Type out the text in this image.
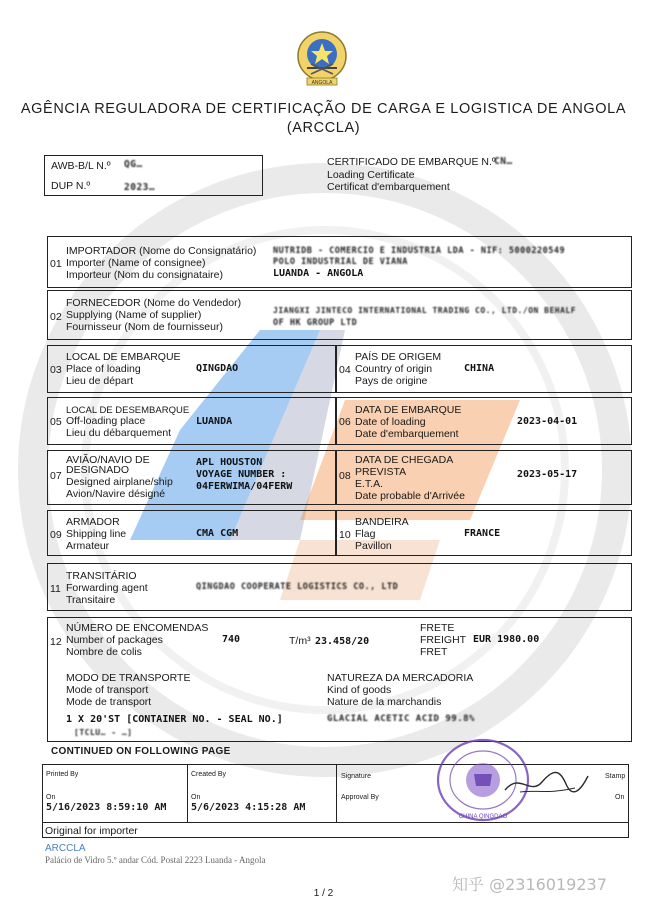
ANGOLA
AGÊNCIA REGULADORA DE CERTIFICAÇÃO DE CARGA E LOGISTICA DE ANGOLA
(ARCCLA)
AWB-B/L N.º QG…
DUP N.º	2023…
CERTIFICADO DE EMBARQUE N.º
CN…
Loading Certificate
Certificat d'embarquement
01
IMPORTADOR (Nome do Consignatário)
Importer (Name of consignee)
Importeur (Nom du consignataire)
NUTRIDB - COMERCIO E INDUSTRIA LDA - NIF: 5000220549
POLO INDUSTRIAL DE VIANA
LUANDA - ANGOLA
02
FORNECEDOR (Nome do Vendedor)
Supplying (Name of supplier)
Fournisseur (Nom de fournisseur)
JIANGXI JINTECO INTERNATIONAL TRADING CO., LTD./ON BEHALF
OF HK GROUP LTD
03
LOCAL DE EMBARQUE
Place of loading
Lieu de départ
QINGDAO	04
PAÍS DE ORIGEM
Country of origin
Pays de origine
CHINA
05
LOCAL DE DESEMBARQUE
Off-loading place
Lieu du débarquement
LUANDA	06
DATA DE EMBARQUE
Date of loading
Date d'embarquement
2023-04-01
07
AVIÃO/NAVIO DE
DESIGNADO
Designed airplane/ship
Avion/Navire désigné
APL HOUSTON
VOYAGE NUMBER :
04FERWIMA/04FERW
08
DATA DE CHEGADA
PREVISTA
E.T.A.
Date probable d'Arrivée
2023-05-17
09
ARMADOR
Shipping line
Armateur
CMA CGM	10
BANDEIRA
Flag
Pavillon
FRANCE
11
TRANSITÁRIO
Forwarding agent
Transitaire
QINGDAO COOPERATE LOGISTICS CO., LTD
12
NÚMERO DE ENCOMENDAS
Number of packages
Nombre de colis
740	T/m³ 23.458/20
FRETE
FREIGHT
FRET
EUR 1980.00
MODO DE TRANSPORTE
Mode of transport
Mode de transport
1 X 20'ST [CONTAINER NO. - SEAL NO.]
[TCLU… - …]
NATUREZA DA MERCADORIA
Kind of goods
Nature de la marchandis
GLACIAL ACETIC ACID 99.8%
CONTINUED ON FOLLOWING PAGE
Printed By
On
5/16/2023 8:59:10 AM
Created By
On
5/6/2023 4:15:28 AM
Signature	Stamp
Approval By	On
Original for importer
CHINA QINGDAO
ARCCLA
Palácio de Vidro 5.º andar Cód. Postal 2223 Luanda - Angola
1 / 2	知乎 @2316019237
